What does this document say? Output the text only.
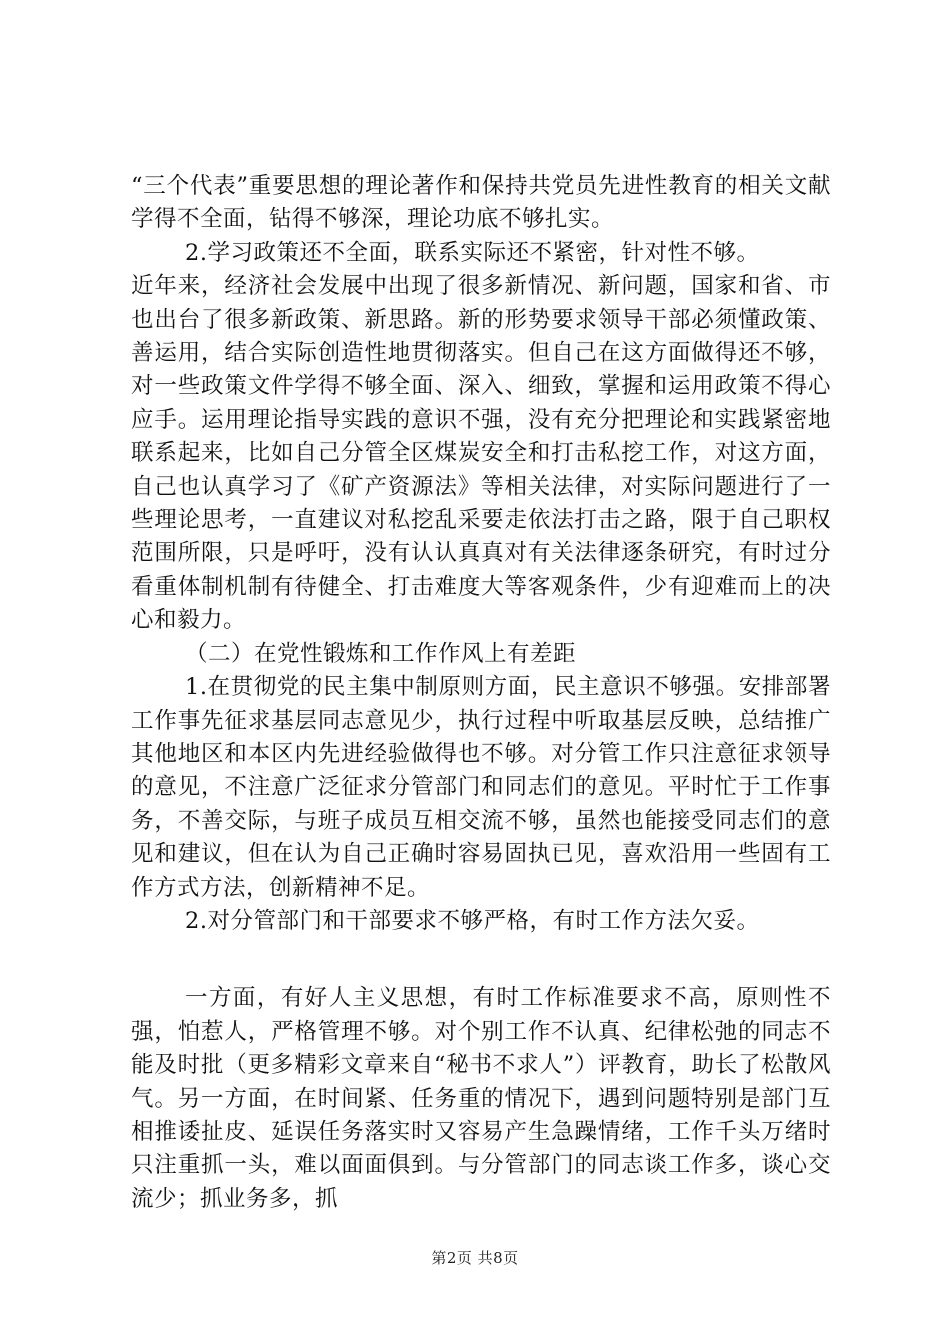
“三个代表”重要思想的理论著作和保持共党员先进性教育的相关文献学得不全面，钻得不够深，理论功底不够扎实。

2.学习政策还不全面，联系实际还不紧密，针对性不够。

近年来，经济社会发展中出现了很多新情况、新问题，国家和省、市也出台了很多新政策、新思路。新的形势要求领导干部必须懂政策、善运用，结合实际创造性地贯彻落实。但自己在这方面做得还不够，对一些政策文件学得不够全面、深入、细致，掌握和运用政策不得心应手。运用理论指导实践的意识不强，没有充分把理论和实践紧密地联系起来，比如自己分管全区煤炭安全和打击私挖工作，对这方面，自己也认真学习了《矿产资源法》等相关法律，对实际问题进行了一些理论思考，一直建议对私挖乱采要走依法打击之路，限于自己职权范围所限，只是呼吁，没有认认真真对有关法律逐条研究，有时过分看重体制机制有待健全、打击难度大等客观条件，少有迎难而上的决心和毅力。

（二）在党性锻炼和工作作风上有差距

1.在贯彻党的民主集中制原则方面，民主意识不够强。安排部署工作事先征求基层同志意见少，执行过程中听取基层反映，总结推广其他地区和本区内先进经验做得也不够。对分管工作只注意征求领导的意见，不注意广泛征求分管部门和同志们的意见。平时忙于工作事务，不善交际，与班子成员互相交流不够，虽然也能接受同志们的意见和建议，但在认为自己正确时容易固执已见，喜欢沿用一些固有工作方式方法，创新精神不足。

2.对分管部门和干部要求不够严格，有时工作方法欠妥。

一方面，有好人主义思想，有时工作标准要求不高，原则性不强，怕惹人，严格管理不够。对个别工作不认真、纪律松弛的同志不能及时批（更多精彩文章来自“秘书不求人”）评教育，助长了松散风气。另一方面，在时间紧、任务重的情况下，遇到问题特别是部门互相推诿扯皮、延误任务落实时又容易产生急躁情绪，工作千头万绪时只注重抓一头，难以面面俱到。与分管部门的同志谈工作多，谈心交流少；抓业务多，抓

第2页 共8页
